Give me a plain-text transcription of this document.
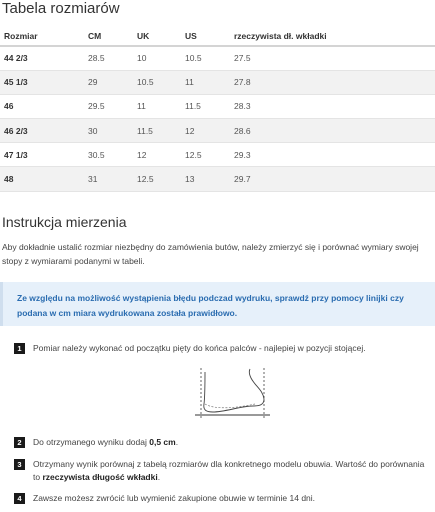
Tabela rozmiarów
Rozmiar	CM	UK	US	rzeczywista dł. wkładki
44 2/3	28.5	10	10.5	27.5
45 1/3	29	10.5	11	27.8
46	29.5	11	11.5	28.3
46 2/3	30	11.5	12	28.6
47 1/3	30.5	12	12.5	29.3
48	31	12.5	13	29.7
Instrukcja mierzenia
Aby dokładnie ustalić rozmiar niezbędny do zamówienia butów, należy zmierzyć się i porównać wymiary swojej stopy z wymiarami podanymi w tabeli.

Ze względu na możliwość wystąpienia błędu podczad wydruku, sprawdź przy pomocy linijki czy podana w cm miara wydrukowana została prawidłowo.

1	Pomiar należy wykonać od początku pięty do końca palców - najlepiej w pozycji stojącej.
2	Do otrzymanego wyniku dodaj 0,5 cm.
3	Otrzymany wynik porównaj z tabelą rozmiarów dla konkretnego modelu obuwia. Wartość do porównania to rzeczywista długość wkładki.
4	Zawsze możesz zwrócić lub wymienić zakupione obuwie w terminie 14 dni.
